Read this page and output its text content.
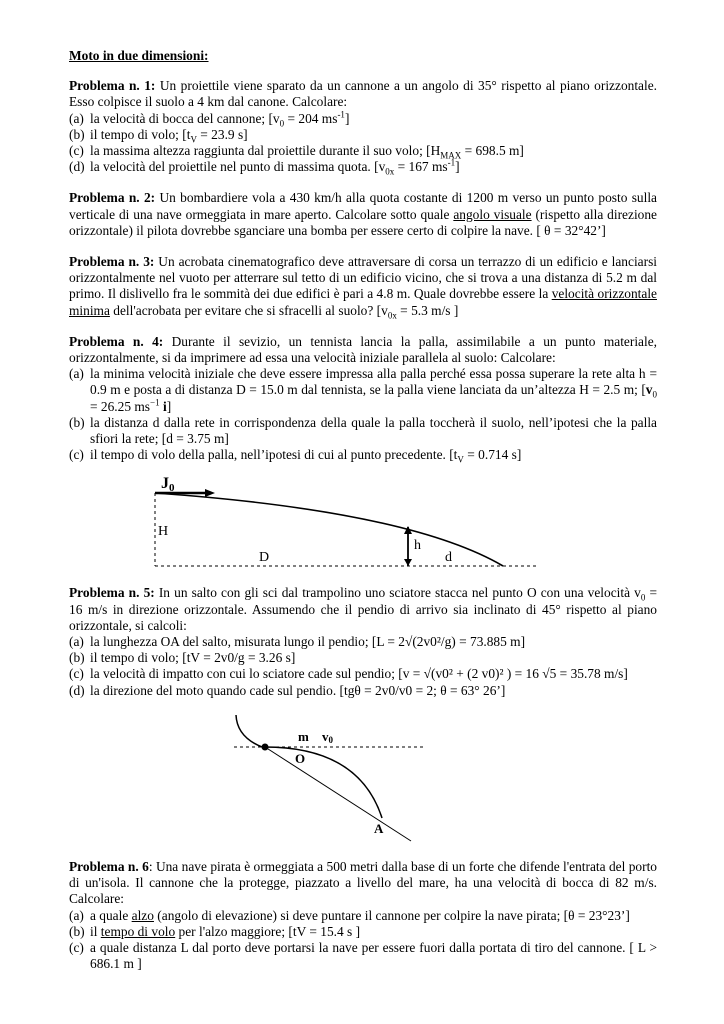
Moto in due dimensioni:
Problema n. 1: Un proiettile viene sparato da un cannone a un angolo di 35° rispetto al piano orizzontale. Esso colpisce il suolo a 4 km dal canone. Calcolare:
(a) la velocità di bocca del cannone; [$v_0 = 204$ $ms^{-1}$]
(b) il tempo di volo; [$t_V = 23.9$ s]
(c) la massima altezza raggiunta dal proiettile durante il suo volo; [$H_{MAX} = 698.5$ m]
(d) la velocità del proiettile nel punto di massima quota. [$v_{0x} = 167$ $ms^{-1}$]
Problema n. 2: Un bombardiere vola a 430 km/h alla quota costante di 1200 m verso un punto posto sulla verticale di una nave ormeggiata in mare aperto. Calcolare sotto quale angolo visuale (rispetto alla direzione orizzontale) il pilota dovrebbe sganciare una bomba per essere certo di colpire la nave. [ θ = 32°42’]
Problema n. 3: Un acrobata cinematografico deve attraversare di corsa un terrazzo di un edificio e lanciarsi orizzontalmente nel vuoto per atterrare sul tetto di un edificio vicino, che si trova a una distanza di 5.2 m dal primo. Il dislivello fra le sommità dei due edifici è pari a 4.8 m. Quale dovrebbe essere la velocità orizzontale minima dell'acrobata per evitare che si sfracelli al suolo? [$v_{0x} = 5.3$ m/s ]
Problema n. 4: Durante il sevizio, un tennista lancia la palla, assimilabile a un punto materiale, orizzontalmente, si da imprimere ad essa una velocità iniziale parallela al suolo: Calcolare:
(a) la minima velocità iniziale che deve essere impressa alla palla perché essa possa superare la rete alta h = 0.9 m e posta a di distanza D = 15.0 m dal tennista, se la palla viene lanciata da un’altezza H = 2.5 m; [$v_0 = 26.25$ $ms^{-1}$ i]
(b) la distanza d dalla rete in corrispondenza della quale la palla toccherà il suolo, nell’ipotesi che la palla sfiori la rete; [d = 3.75 m]
(c) il tempo di volo della palla, nell’ipotesi di cui al punto precedente. [$t_V = 0.714$ s]
J0
H
D
h
d
Problema n. 5: In un salto con gli sci dal trampolino uno sciatore stacca nel punto O con una velocità $v_0 = 16$ m/s in direzione orizzontale. Assumendo che il pendio di arrivo sia inclinato di 45° rispetto al piano orizzontale, si calcoli:
(a) la lunghezza OA del salto, misurata lungo il pendio; [L = 2√(2v0²/g) = 73.885 m]
(b) il tempo di volo; [tV = 2v0/g = 3.26 s]
(c) la velocità di impatto con cui lo sciatore cade sul pendio; [v = √(v0² + (2 v0)² ) = 16 √5 = 35.78 m/s]
(d) la direzione del moto quando cade sul pendio. [tgθ = 2v0/v0 = 2; θ = 63° 26’]
m v0
O
A
Problema n. 6: Una nave pirata è ormeggiata a 500 metri dalla base di un forte che difende l'entrata del porto di un'isola. Il cannone che la protegge, piazzato a livello del mare, ha una velocità di bocca di 82 m/s. Calcolare:
(a) a quale alzo (angolo di elevazione) si deve puntare il cannone per colpire la nave pirata; [θ = 23°23’]
(b) il tempo di volo per l'alzo maggiore; [tV = 15.4 s ]
(c) a quale distanza L dal porto deve portarsi la nave per essere fuori dalla portata di tiro del cannone. [ L > 686.1 m ]
